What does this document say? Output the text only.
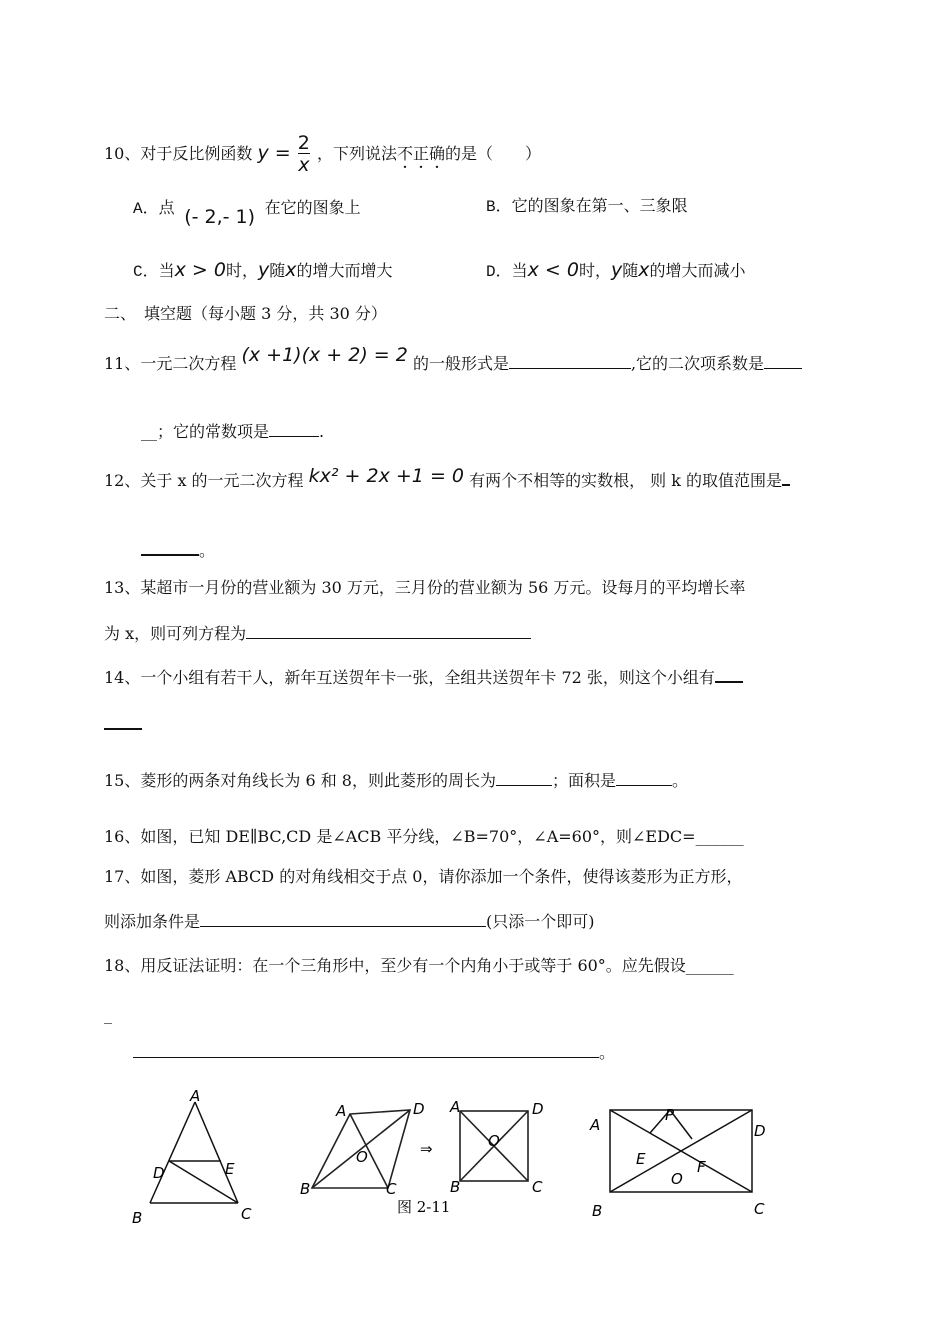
10、对于反比例函数 $y = \frac{2}{x}$ ，下列说法不正确的是（　　）
A．点 (- 2,- 1) 在它的图象上	B．它的图象在第一、三象限
C．当x > 0时，y随x的增大而增大	D．当x < 0时，y随x的增大而减小
二、　填空题（每小题 3 分，共 30 分）
11、一元二次方程 (x +1)(x + 2) = 2 的一般形式是	,它的二次项系数是
__；它的常数项是	.
12、关于 x 的一元二次方程 kx² + 2x +1 = 0 有两个不相等的实数根， 则 k 的取值范围是
。
13、某超市一月份的营业额为 30 万元，三月份的营业额为 56 万元。设每月的平均增长率
为 x，则可列方程为
14、一个小组有若干人，新年互送贺年卡一张，全组共送贺年卡 72 张，则这个小组有
15、菱形的两条对角线长为 6 和 8，则此菱形的周长为	；面积是	。
16、如图，已知 DE∥BC,CD 是∠ACB 平分线，∠B=70°，∠A=60°，则∠EDC=______
17、如图，菱形 ABCD 的对角线相交于点 0，请你添加一个条件，使得该菱形为正方形，
则添加条件是	(只添一个即可)
18、用反证法证明：在一个三角形中，至少有一个内角小于或等于 60°。应先假设______
_
。
A
D	E
B	C
A	D
B	C
O	⇒
A	D
B	C
O
图 2-11
A	D
B	C
P
E	F
O
